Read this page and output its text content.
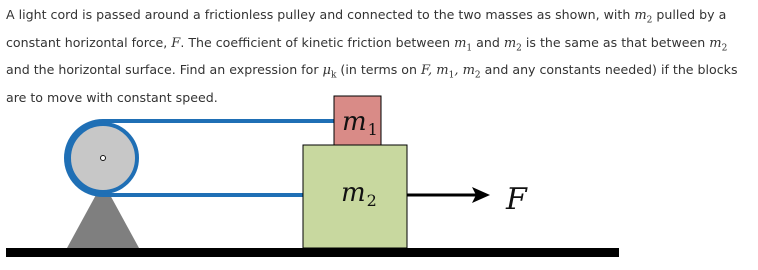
A light cord is passed around a frictionless pulley and connected to the two masses as shown, with $m_2$ pulled by a constant horizontal force, F. The coefficient of kinetic friction between $m_1$ and $m_2$ is the same as that between $m_2$ and the horizontal surface. Find an expression for $\mu_k$ (in terms on F, $m_1$, $m_2$ and any constants needed) if the blocks are to move with constant speed.

m1
m2	F
